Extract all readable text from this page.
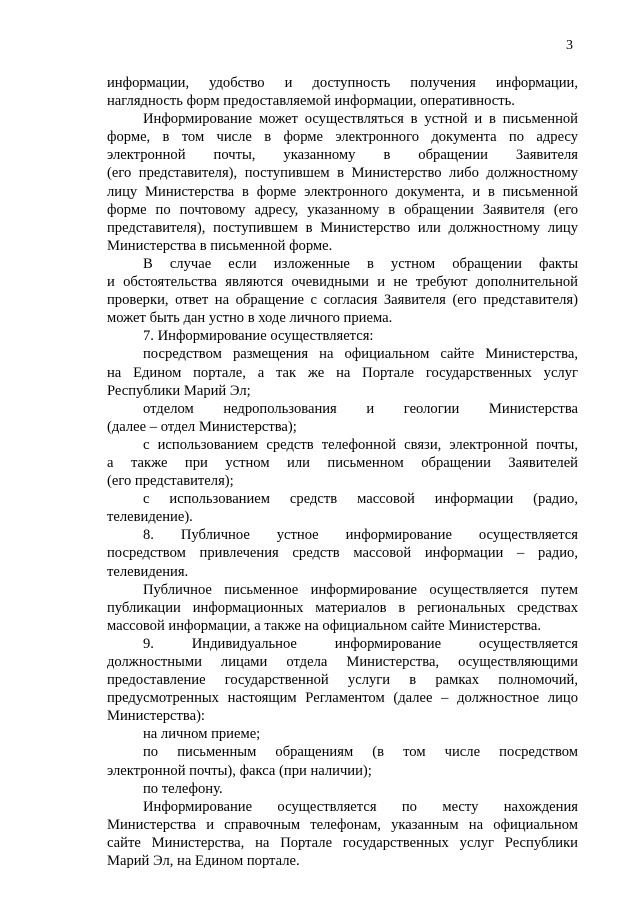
3

информации, удобство и доступность получения информации,
наглядность форм предоставляемой информации, оперативность.

Информирование может осуществляться в устной и в письменной
форме, в том числе в форме электронного документа по адресу
электронной почты, указанному в обращении Заявителя
(его представителя), поступившем в Министерство либо должностному
лицу Министерства в форме электронного документа, и в письменной
форме по почтовому адресу, указанному в обращении Заявителя (его
представителя), поступившем в Министерство или должностному лицу
Министерства в письменной форме.

В случае если изложенные в устном обращении факты
и обстоятельства являются очевидными и не требуют дополнительной
проверки, ответ на обращение с согласия Заявителя (его представителя)
может быть дан устно в ходе личного приема.

7. Информирование осуществляется:

посредством размещения на официальном сайте Министерства,
на Едином портале, а так же на Портале государственных услуг
Республики Марий Эл;

отделом недропользования и геологии Министерства
(далее – отдел Министерства);

с использованием средств телефонной связи, электронной почты,
а также при устном или письменном обращении Заявителей
(его представителя);

с использованием средств массовой информации (радио,
телевидение).

8. Публичное устное информирование осуществляется
посредством привлечения средств массовой информации – радио,
телевидения.

Публичное письменное информирование осуществляется путем
публикации информационных материалов в региональных средствах
массовой информации, а также на официальном сайте Министерства.

9. Индивидуальное информирование осуществляется
должностными лицами отдела Министерства, осуществляющими
предоставление государственной услуги в рамках полномочий,
предусмотренных настоящим Регламентом (далее – должностное лицо
Министерства):

на личном приеме;

по письменным обращениям (в том числе посредством
электронной почты), факса (при наличии);

по телефону.

Информирование осуществляется по месту нахождения
Министерства и справочным телефонам, указанным на официальном
сайте Министерства, на Портале государственных услуг Республики
Марий Эл, на Едином портале.
